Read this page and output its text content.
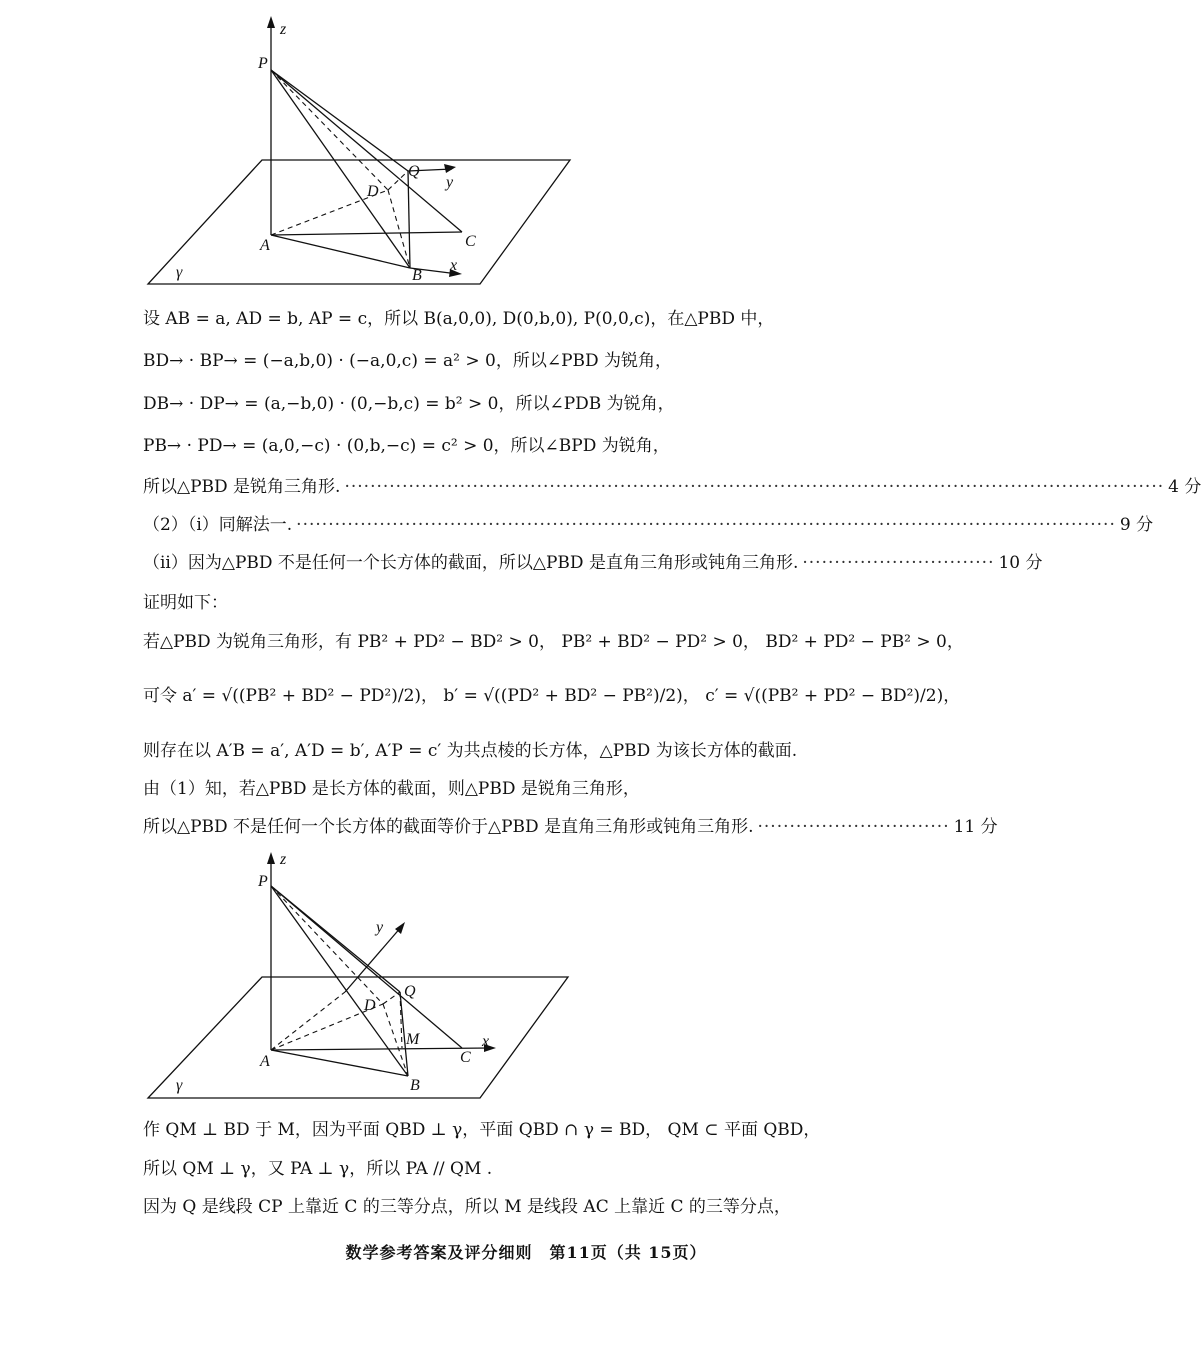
z
P
Q
y
D
A	C
B
x
γ
设 AB = a, AD = b, AP = c，所以 B(a,0,0), D(0,b,0), P(0,0,c)，在△PBD 中，
BD→ · BP→ = (−a,b,0) · (−a,0,c) = a² > 0，所以∠PBD 为锐角，
DB→ · DP→ = (a,−b,0) · (0,−b,c) = b² > 0，所以∠PDB 为锐角，
PB→ · PD→ = (a,0,−c) · (0,b,−c) = c² > 0，所以∠BPD 为锐角，
所以△PBD 是锐角三角形. ································································································································ 4 分
（2）（i）同解法一. ································································································································ 9 分
（ii）因为△PBD 不是任何一个长方体的截面，所以△PBD 是直角三角形或钝角三角形. ······························ 10 分
证明如下：
若△PBD 为锐角三角形，有 PB² + PD² − BD² > 0， PB² + BD² − PD² > 0， BD² + PD² − PB² > 0，
可令 a′ = √((PB² + BD² − PD²)/2)， b′ = √((PD² + BD² − PB²)/2)， c′ = √((PB² + PD² − BD²)/2)，
则存在以 A′B = a′, A′D = b′, A′P = c′ 为共点棱的长方体，△PBD 为该长方体的截面.
由（1）知，若△PBD 是长方体的截面，则△PBD 是锐角三角形，
所以△PBD 不是任何一个长方体的截面等价于△PBD 是直角三角形或钝角三角形. ······························ 11 分
z
P
y
Q
D
M	x
A	C
B
γ
作 QM ⊥ BD 于 M，因为平面 QBD ⊥ γ，平面 QBD ∩ γ = BD， QM ⊂ 平面 QBD，
所以 QM ⊥ γ，又 PA ⊥ γ，所以 PA // QM .
因为 Q 是线段 CP 上靠近 C 的三等分点，所以 M 是线段 AC 上靠近 C 的三等分点，
数学参考答案及评分细则　第11页（共 15页）
